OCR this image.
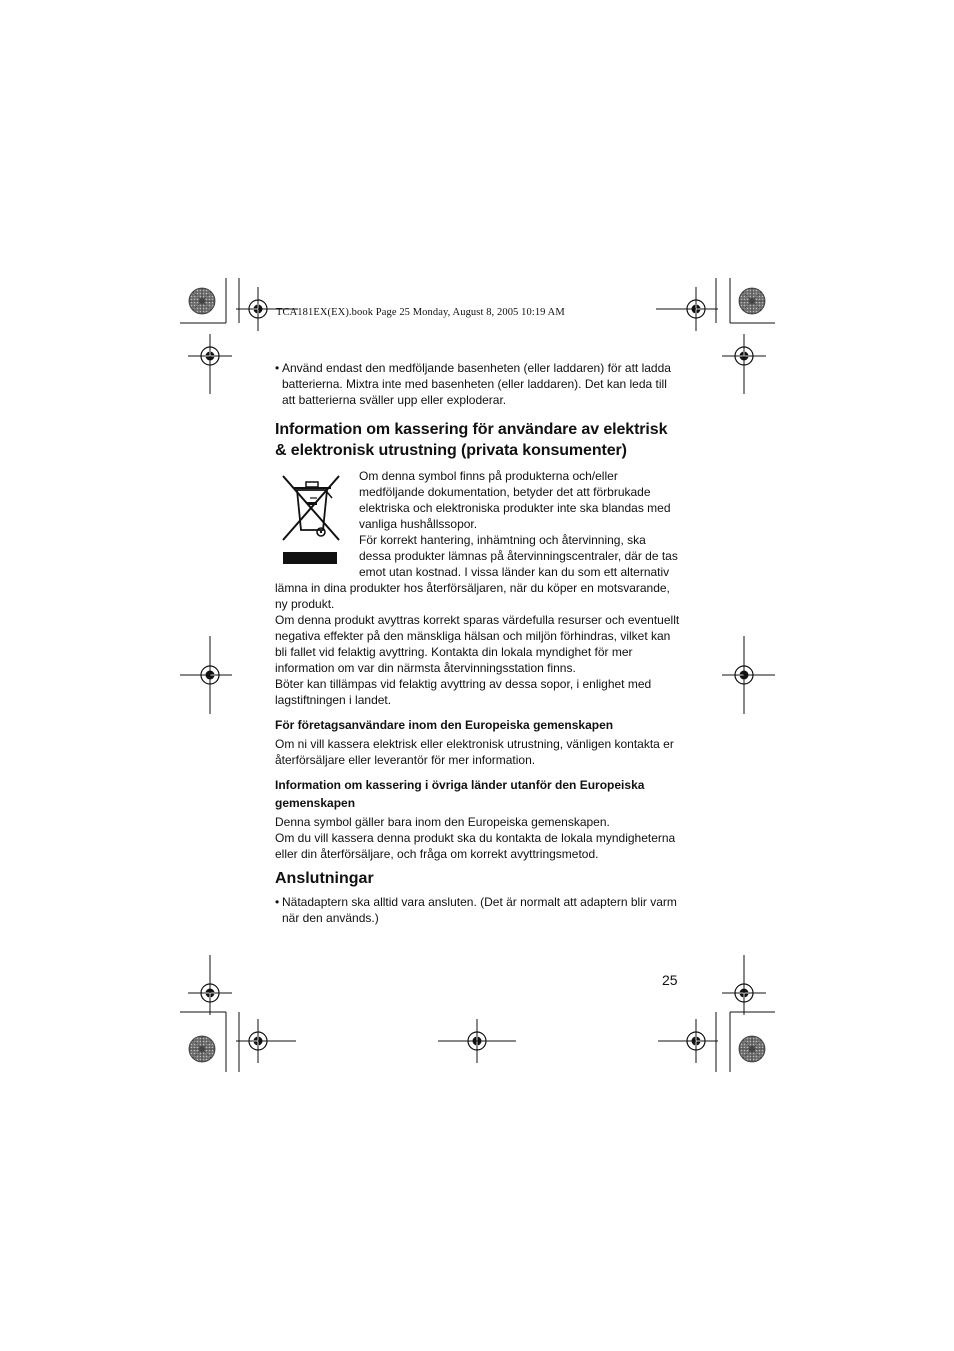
TCA181EX(EX).book Page 25 Monday, August 8, 2005 10:19 AM
• Använd endast den medföljande basenheten (eller laddaren) för att ladda batterierna. Mixtra inte med basenheten (eller laddaren). Det kan leda till att batterierna sväller upp eller exploderar.
Information om kassering för användare av elektrisk & elektronisk utrustning (privata konsumenter)

Om denna symbol finns på produkterna och/eller medföljande dokumentation, betyder det att förbrukade elektriska och elektroniska produkter inte ska blandas med vanliga hushållssopor.

För korrekt hantering, inhämtning och återvinning, ska dessa produkter lämnas på återvinningscentraler, där de tas emot utan kostnad. I vissa länder kan du som ett alternativ lämna in dina produkter hos återförsäljaren, när du köper en motsvarande, ny produkt.

Om denna produkt avyttras korrekt sparas värdefulla resurser och eventuellt negativa effekter på den mänskliga hälsan och miljön förhindras, vilket kan bli fallet vid felaktig avyttring. Kontakta din lokala myndighet för mer information om var din närmsta återvinningsstation finns.

Böter kan tillämpas vid felaktig avyttring av dessa sopor, i enlighet med lagstiftningen i landet.

För företagsanvändare inom den Europeiska gemenskapen

Om ni vill kassera elektrisk eller elektronisk utrustning, vänligen kontakta er återförsäljare eller leverantör för mer information.

Information om kassering i övriga länder utanför den Europeiska gemenskapen

Denna symbol gäller bara inom den Europeiska gemenskapen.

Om du vill kassera denna produkt ska du kontakta de lokala myndigheterna eller din återförsäljare, och fråga om korrekt avyttringsmetod.

Anslutningar
• Nätadaptern ska alltid vara ansluten. (Det är normalt att adaptern blir varm när den används.)
25
